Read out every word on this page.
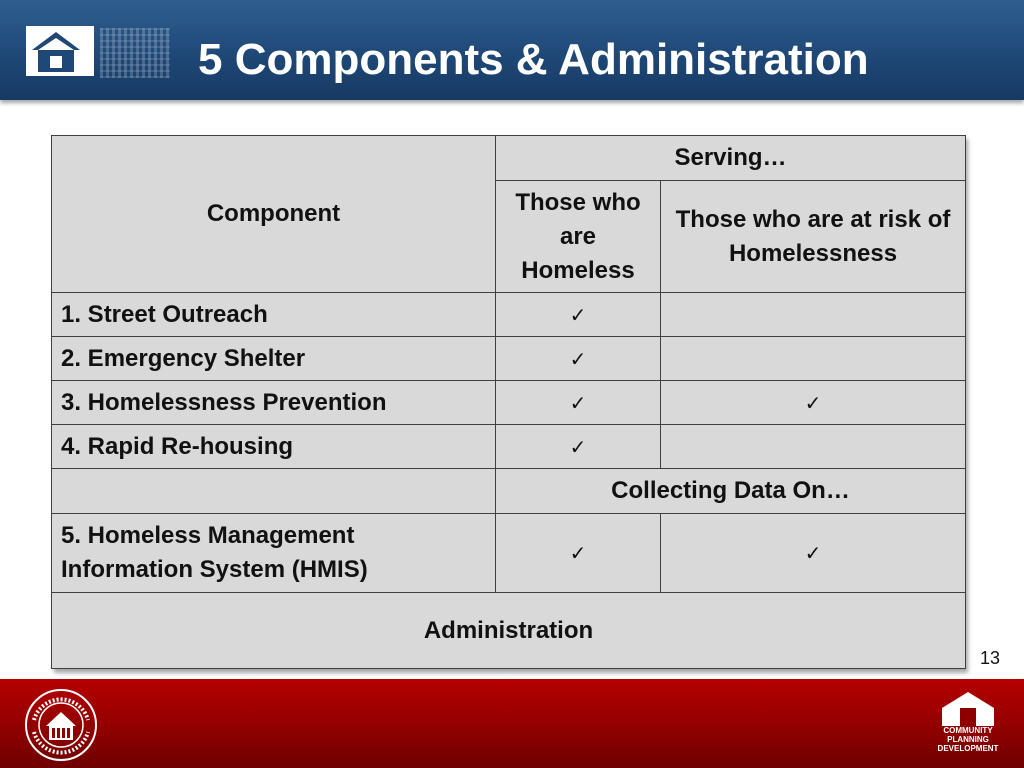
5 Components & Administration
Component	Serving…	
	Those who are Homeless	Those who are at risk of Homelessness
1. Street Outreach	✓	
2. Emergency Shelter	✓	
3. Homelessness Prevention	✓	✓
4. Rapid Re-housing	✓	
	Collecting Data On…	
5. Homeless Management
Information System (HMIS)	✓	✓
Administration		
13
COMMUNITY
PLANNING
DEVELOPMENT
